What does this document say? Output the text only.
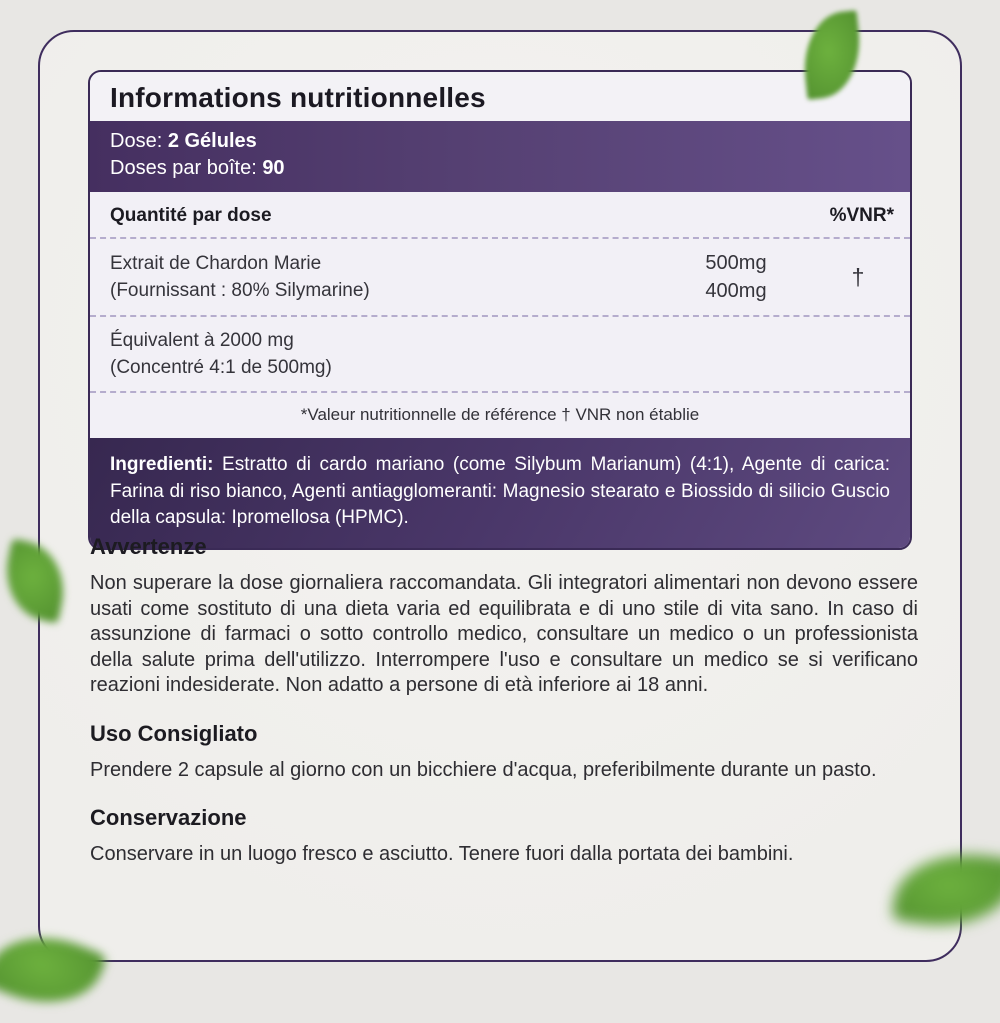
Informations nutritionnelles
Dose: 2 Gélules
Doses par boîte: 90
Quantité par dose	%VNR*
Extrait de Chardon Marie
(Fournissant : 80% Silymarine)
500mg
400mg
†
Équivalent à 2000 mg
(Concentré 4:1 de 500mg)
*Valeur nutritionnelle de référence † VNR non établie
Ingredienti: Estratto di cardo mariano (come Silybum Marianum) (4:1), Agente di carica: Farina di riso bianco, Agenti antiagglomeranti: Magnesio stearato e Biossido di silicio Guscio della capsula: Ipromellosa (HPMC).
Avvertenze

Non superare la dose giornaliera raccomandata. Gli integratori alimentari non devono essere usati come sostituto di una dieta varia ed equilibrata e di uno stile di vita sano. In caso di assunzione di farmaci o sotto controllo medico, consultare un medico o un professionista della salute prima dell'utilizzo. Interrompere l'uso e consultare un medico se si verificano reazioni indesiderate. Non adatto a persone di età inferiore ai 18 anni.

Uso Consigliato

Prendere 2 capsule al giorno con un bicchiere d'acqua, preferibilmente durante un pasto.

Conservazione

Conservare in un luogo fresco e asciutto. Tenere fuori dalla portata dei bambini.
